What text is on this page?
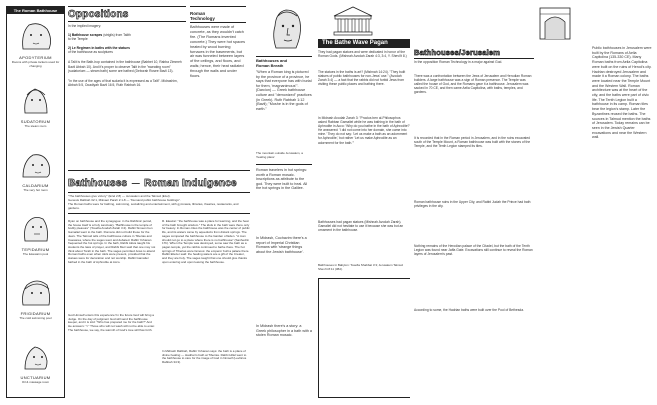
The Roman Bathhouse
APODYTERIUM
Rooms with private lockers used for changing
SUDATORIUM
The steam room
CALDARIUM
The very hot room
TEPIDARIUM
The lukewarm pool
FRIGIDARIUM
The cold swimming pool
UNCTUARIUM
Oil & massage room
Oppositions
In the implied imagery:
1) Bathhouse scrapes (strigils) from Talith
to the Temple
2) Le Regimen in baths with the statues
of the bathhouse as sculptures
A Talit is the Bath-hop contained in the bathhouse (Babbet 10, Rabba Zimmeh Bavli Abbah 10). And it's proper to observe Talit in the "sweating room" (sudatorium — steam bath) some are bathed (Deborah Rosee Bavli 13).
"In the use of the ages of that sudaria it is expressed as a Talit". Midrashim, Abbah 5:5, Ooadiyah Bavli 16:5, Ruth Rabbah 16.
Roman
Technology
Bathhouses were made of concrete, as they wouldn't catch fire. (The Romans invented concrete.) They were hot spaces heated by wood burning furnaces in the basements, but air was funneled between layers of the ceilings, and floors, and walls; hence, their heat radiated through the walls and under floors.
Bathhouses — Roman Indulgence
"The bathhouses give victory" (Ezel 2:8) — Jerusalem and the Talmud (Ezel).
Genesis Rabbah 32:1, Mikvaot Parah 2:1-8 — "Demand public bathhouse buildings".
The Roman baths were for bathing, swimming, socializing and entertainment, with gymnasia, libraries, theatres, restaurants, and gardens.
Ryan on bathhouse and the synagogue: in the Rabbinic period, the house itself is a holy sanctuary. "Bathhouse is the temple of bodily pleasure" (Tosefta Avodah Zarah 3:4). Rabbi Simeon ben Gamaliel went to the bath. Romans did not build these for the Jews. The Talmud tells of the bathhouse culture in Tiberias and Caesarea, where the sages went and debated. Rabbi Yohanan frequented the hot springs. In the bath, Rabbi Akiva taught his students the laws of prayer, and Rabbi Meir said that one may not think about Torah in the bath. The sages permitted Jews to attend Roman baths even when idols were present, provided that the statues were for decoration and not worship. Rabbi Gamaliel bathed in the bath of Aphrodite at Acco.
R. Eleazar: "the bathhouse was a place for learning, and the heat of the bath brought wisdom." The idols in the bath were there only for beauty. In Roman cities the bathhouse was the center of public life, and its waters came by aqueducts from distant springs. The sages compared the bathhouse to the Garden of Eden. "A man should not go to a place where there is no bathhouse" (Sanhedrin 17b). When the Temple was destroyed, some saw the bath as a pagan temple, yet the rabbis continued to bathe there. The hot springs of Tiberias were famous: the emperor built a palace there. Rabbi Eliezer said: the healing waters are a gift of the Creator, and they are holy. The sages taught that one should give thanks upon entering and upon leaving the bathhouse.
God Himself enters this experience! In the future God will bring a Judge. On the day of judgment God will send the bathhouse keeper, and it is told: "Who has prepared me for the bath?" And He answers: "I." Those who will not wash will not be able to enter. The bathhouse, we say, the warmth of God's love will flow forth.
In Midrash Rabbah, Rabbi Yohanan says: the bath is a place of divine healing — Hadrian's bath at Tiberias. Rabbi Hillel went to the bathhouse to care for the image of God in himself (Leviticus Rabbah 34:3).
Bathhouses and
Roman Breath
"When a Roman king is pictured by the province of a province, he says that everyone has with burial for them, 'magnanimous'". (Darcion) — Greek bathhouse culture and "demonized" practices (in Greek). Ruth Rabbah 1:12 (Bavli); "Moshe is in the gods of earth."
The mountain outside Jerusalem, a 'healing place'
Roman travelers in hot springs: worth a Roman mosaic. Inscriptions as attribute to the god. They were built to heal. All the hot springs in the Galilee.
In Midrash, Cochavim there's a report of Imperial Christian Romans with 'strange things about the Jewish bathhouse'.
In Midrash there's a story: a Greek philosopher in a bath with a stolen Roman mosaic.
The Bathe Wave Pagan
They had pagan statues and were dedicated in honor of the Roman Gods. (Mishnah Avodah Zarah 4:3, 3:4, Y. Shevi'it 8.)
The statues in the baths is art? (Mishnah 14:24). "They built statues of public bathhouses for non-Jews' use." (Avodah Zarah 3:4) — a fact that the rabbis did not forbid Jews from visiting these public places and bathing there.
In Midrash Avodah Zarah 3: "Proclus ben al-Philosophos asked Rabban Gamaliel while he was bathing in the bath of Aphrodite in Acco: 'Why do you bathe in the bath of Aphrodite?' He answered: 'I did not come into her domain, she came into mine.' They do not say: 'Let us make a bath as an adornment for Aphrodite,' but rather 'Let us make Aphrodite as an adornment for the bath.'"
Bathhouses had pagan statues (Mishnah Avodah Zarah). Gamaliel did not hesitate to use it because she was but an ornament in the bathhouse.
Bathhouses in Babylon: Tosefta Shabbat 3:3; Jerusalem Talmud Shevi'it 8:11 (38d).
Bathhouses/Jerusalem
In the opposition Roman Technology in a major against God.
There was a confrontation between the Jews of Jerusalem and Herodian Roman builders. A large bathhouse was a sign of Roman presence. The Temple was called the house of God, and the Romans gave it a bathhouse. Jerusalem was sacked in 70 CE, and then came Aelia Capitolina, with baths, temples, and gardens.
It is recorded that in the Roman period in Jerusalem, and in the ruins excavated south of the Temple Mount, a Roman bathhouse was built with the stones of the Temple, and the Tenth Legion stamped its tiles.
Roman bathhouse ruins in the Upper City, and Rabbi Judah the Prince had bath privileges in the city.
Nothing remains of the Herodian palace of the Citadel, but the bath of the Tenth Legion was found near Jaffa Gate. Excavations still continue to reveal the Roman layers of Jerusalem's past.
According to some, the Hadrian baths were built over the Pool of Bethesda.
Public bathhouses in Jerusalem were built by the Romans of Aelia Capitolina (135-330 CE). Many Roman baths from Aelia Capitolina were built on the ruins of Herod's city. Hadrian destroyed Jerusalem and made it a Roman colony. The baths were located near the Temple Mount and the Western Wall. Roman architecture was at the heart of the city, and the baths were part of civic life. The Tenth Legion built a bathhouse in its camp. Roman tiles bear the legion's stamp. Later the Byzantines reused the baths. The sources in Talmud mention the baths of Jerusalem. Today remains can be seen in the Jewish Quarter excavations and near the Western wall.
